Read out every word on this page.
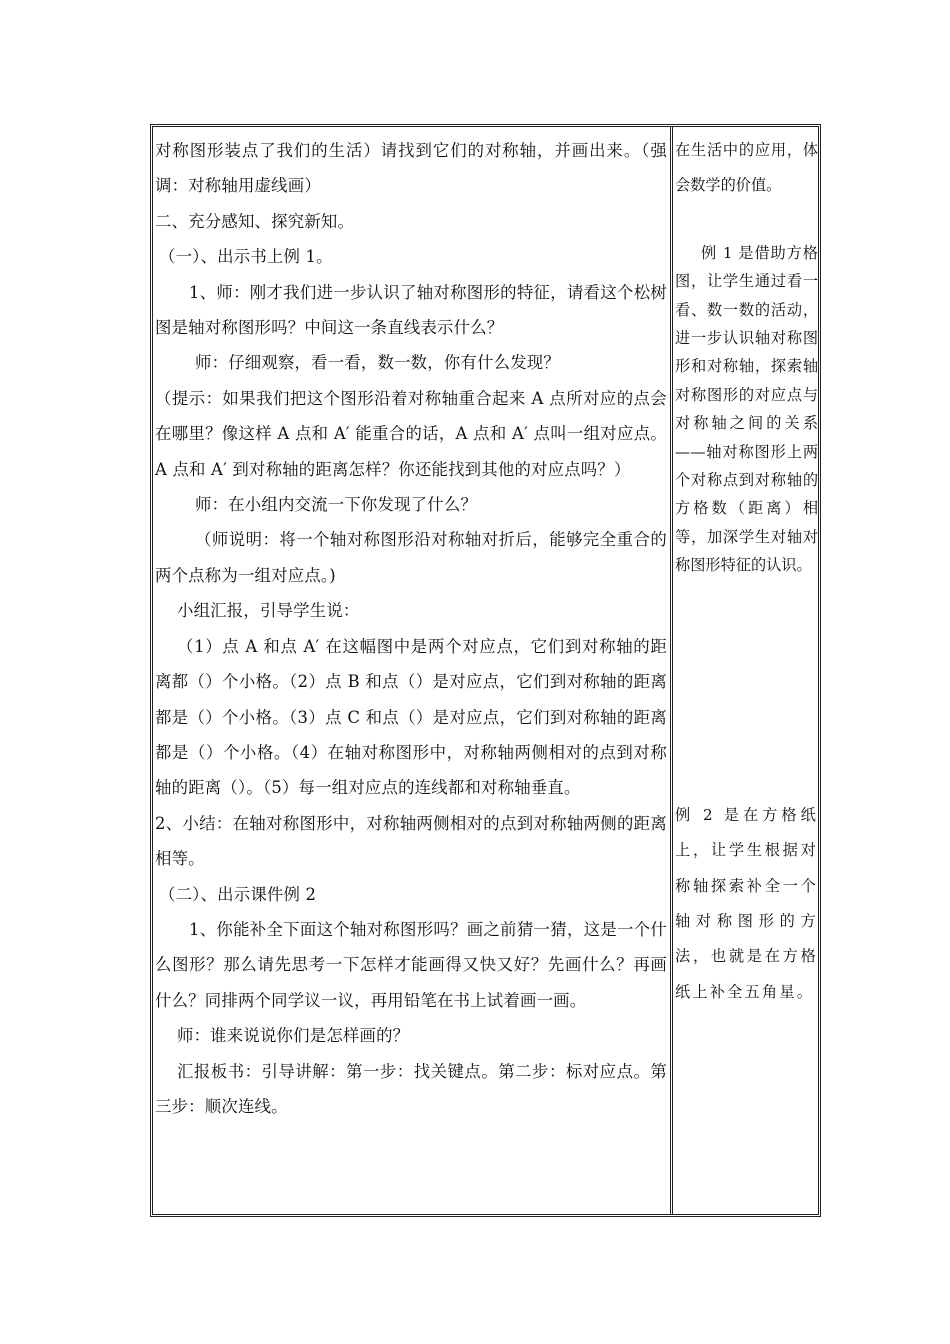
对称图形装点了我们的生活）请找到它们的对称轴，并画出来。（强调：对称轴用虚线画）

二、充分感知、探究新知。

（一）、出示书上例 1。

1、师：刚才我们进一步认识了轴对称图形的特征，请看这个松树图是轴对称图形吗？中间这一条直线表示什么？

师：仔细观察，看一看，数一数，你有什么发现？

（提示：如果我们把这个图形沿着对称轴重合起来 A 点所对应的点会在哪里？像这样 A 点和 A′ 能重合的话，A 点和 A′ 点叫一组对应点。A 点和 A′ 到对称轴的距离怎样？你还能找到其他的对应点吗？）

师：在小组内交流一下你发现了什么？

（师说明：将一个轴对称图形沿对称轴对折后，能够完全重合的两个点称为一组对应点。)

小组汇报，引导学生说：

（1）点 A 和点 A′ 在这幅图中是两个对应点，它们到对称轴的距离都（）个小格。（2）点 B 和点（）是对应点，它们到对称轴的距离都是（）个小格。（3）点 C 和点（）是对应点，它们到对称轴的距离都是（）个小格。（4）在轴对称图形中，对称轴两侧相对的点到对称轴的距离（）。（5）每一组对应点的连线都和对称轴垂直。

2、小结：在轴对称图形中，对称轴两侧相对的点到对称轴两侧的距离相等。

（二）、出示课件例 2

1、你能补全下面这个轴对称图形吗？画之前猜一猜，这是一个什么图形？那么请先思考一下怎样才能画得又快又好？先画什么？再画什么？同排两个同学议一议，再用铅笔在书上试着画一画。

师：谁来说说你们是怎样画的？

汇报板书：引导讲解：第一步：找关键点。第二步：标对应点。第三步：顺次连线。

在生活中的应用，体会数学的价值。

例 1 是借助方格图，让学生通过看一看、数一数的活动，进一步认识轴对称图形和对称轴，探索轴对称图形的对应点与对称轴之间的关系——轴对称图形上两个对称点到对称轴的方格数（距离）相等，加深学生对轴对称图形特征的认识。

例 2 是在方格纸上，让学生根据对称轴探索补全一个轴对称图形的方法，也就是在方格纸上补全五角星。
